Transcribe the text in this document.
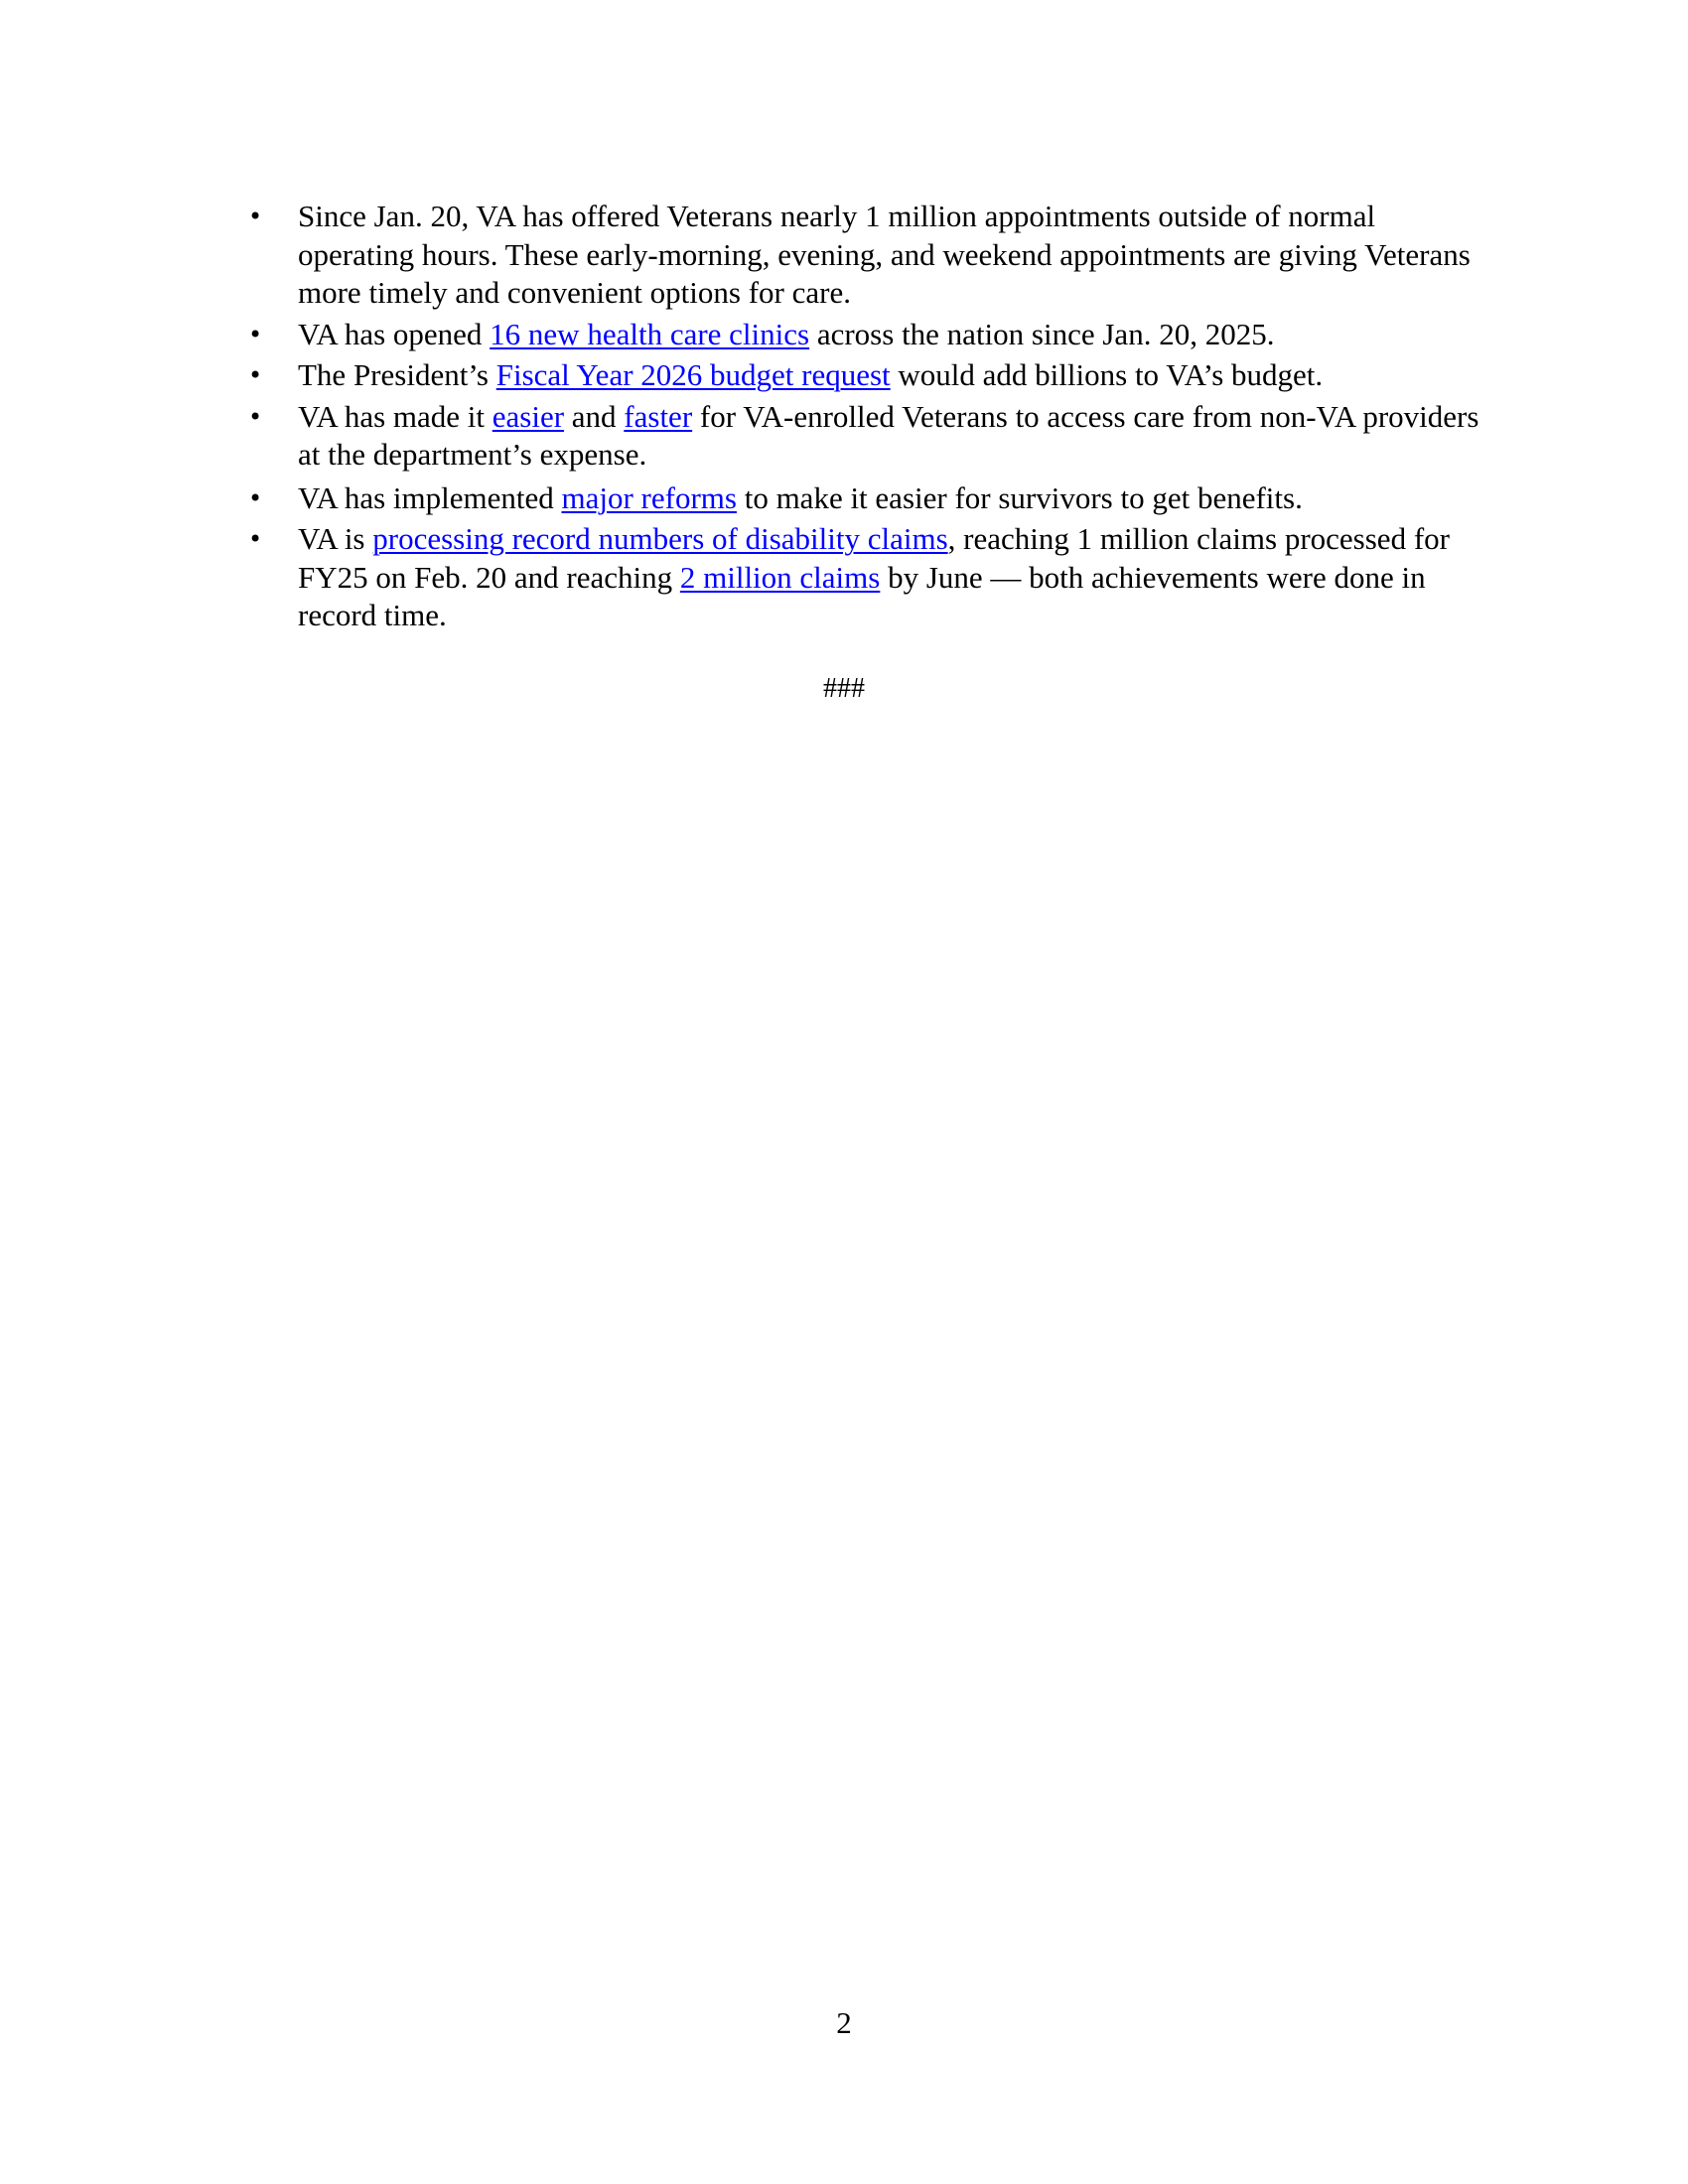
• Since Jan. 20, VA has offered Veterans nearly 1 million appointments outside of normal operating hours. These early-morning, evening, and weekend appointments are giving Veterans more timely and convenient options for care.
• VA has opened 16 new health care clinics across the nation since Jan. 20, 2025.
• The President’s Fiscal Year 2026 budget request would add billions to VA’s budget.
• VA has made it easier and faster for VA-enrolled Veterans to access care from non-VA providers at the department’s expense.
• VA has implemented major reforms to make it easier for survivors to get benefits.
• VA is processing record numbers of disability claims, reaching 1 million claims processed for FY25 on Feb. 20 and reaching 2 million claims by June — both achievements were done in record time.

###

2
